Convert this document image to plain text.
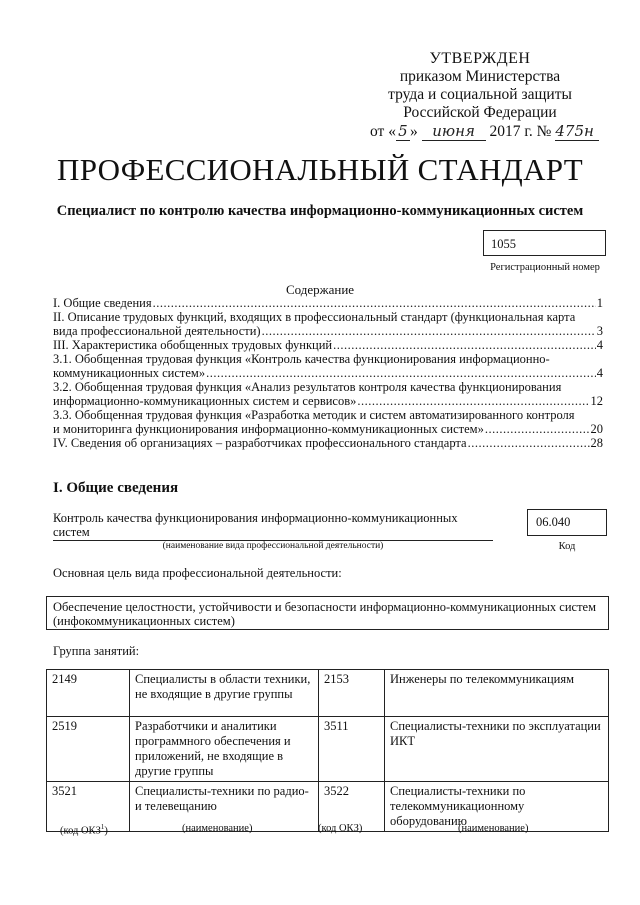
УТВЕРЖДЕН
приказом Министерства
труда и социальной защиты
Российской Федерации
от « 5 » июня 2017 г. № 475н
ПРОФЕССИОНАЛЬНЫЙ СТАНДАРТ
Специалист по контролю качества информационно-коммуникационных систем
1055
Регистрационный номер
Содержание
I. Общие сведения .....	1
II. Описание трудовых функций, входящих в профессиональный стандарт (функциональная карта
вида профессиональной деятельности) .....	3
III. Характеристика обобщенных трудовых функций .....	4
3.1. Обобщенная трудовая функция «Контроль качества функционирования информационно-
коммуникационных систем» .....	4
3.2. Обобщенная трудовая функция «Анализ результатов контроля качества функционирования
информационно-коммуникационных систем и сервисов» .....	12
3.3. Обобщенная трудовая функция «Разработка методик и систем автоматизированного контроля
и мониторинга функционирования информационно-коммуникационных систем» .....	20
IV. Сведения об организациях – разработчиках профессионального стандарта .....	28
I. Общие сведения
Контроль качества функционирования информационно-коммуникационных
систем
(наименование вида профессиональной деятельности)
06.040
Код
Основная цель вида профессиональной деятельности:
Обеспечение целостности, устойчивости и безопасности информационно-коммуникационных систем (инфокоммуникационных систем)
Группа занятий:
2149	Специалисты в области техники, не входящие в другие группы	2153	Инженеры по телекоммуникациям
2519	Разработчики и аналитики программного обеспечения и приложений, не входящие в другие группы	3511	Специалисты-техники по эксплуатации ИКТ
3521	Специалисты-техники по радио- и телевещанию	3522	Специалисты-техники по телекоммуникационному оборудованию
(код ОКЗ$^1$)	(наименование)	(код ОКЗ)	(наименование)
